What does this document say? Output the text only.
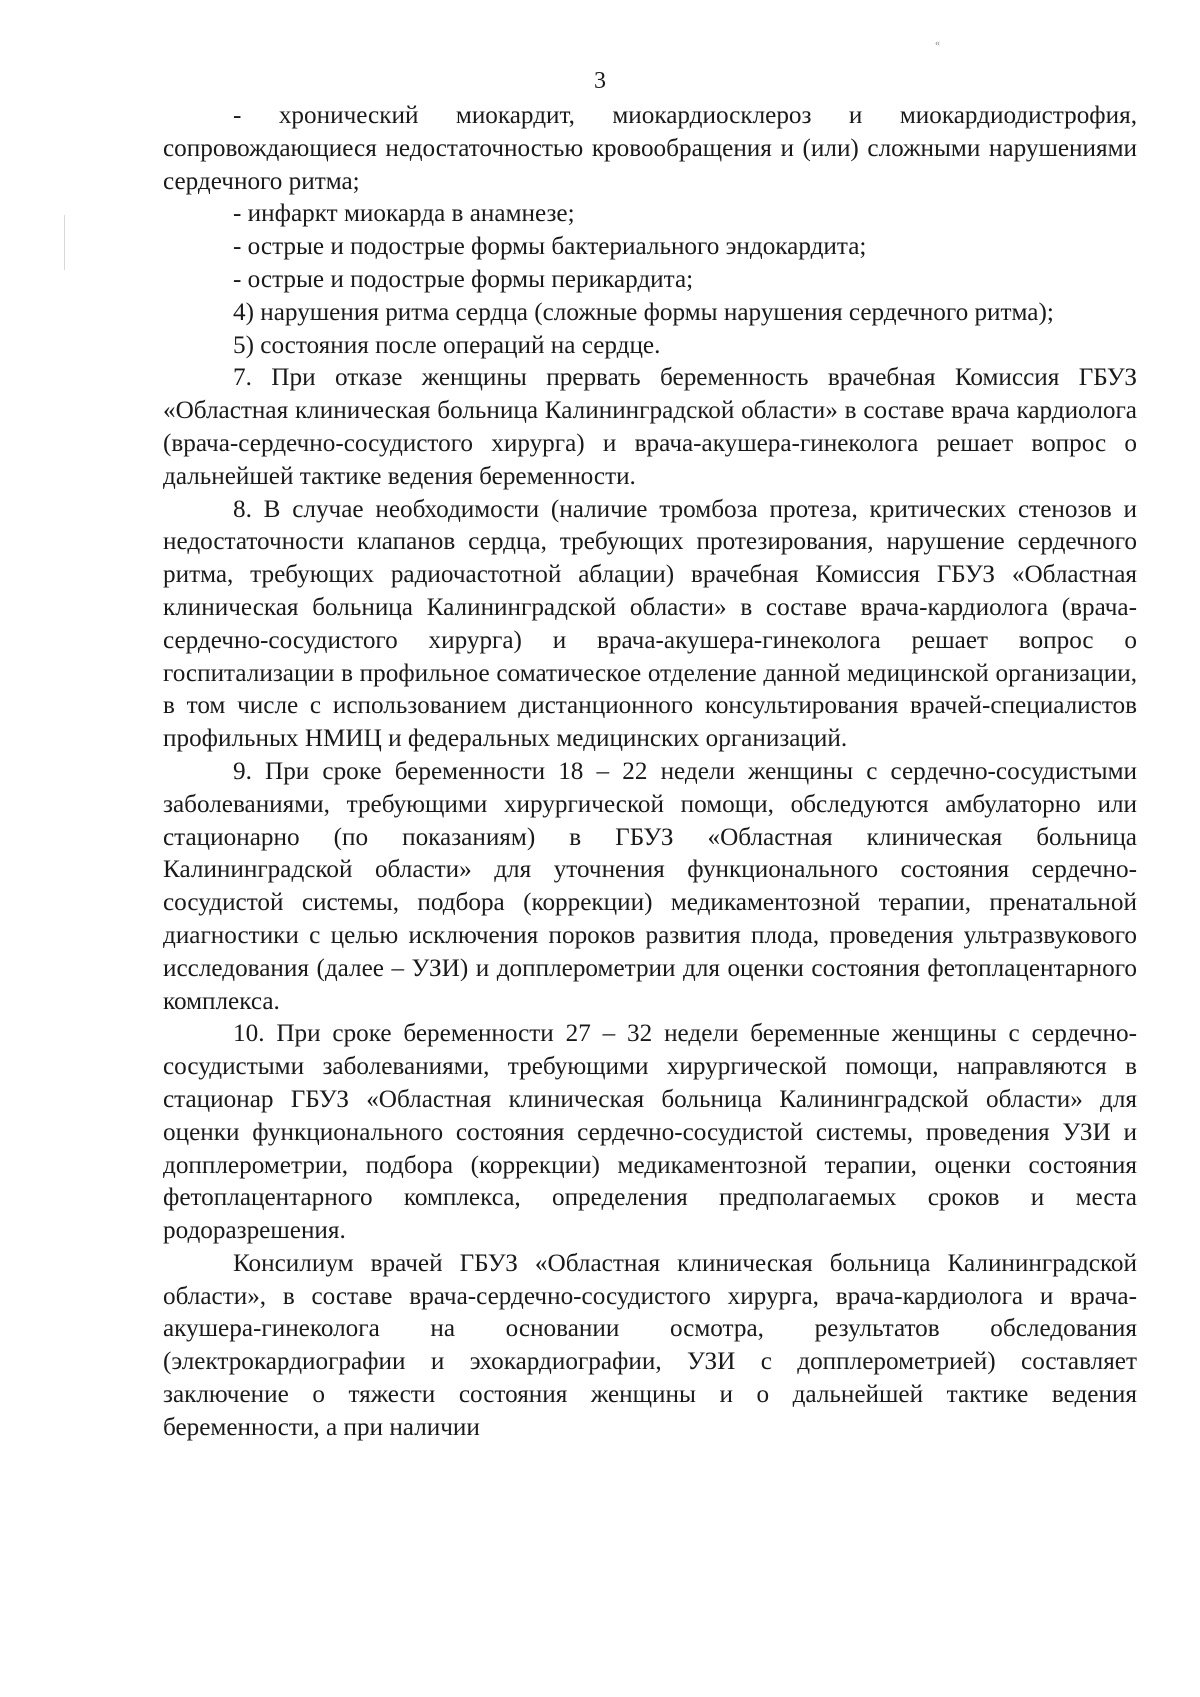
«
3

- хронический миокардит, миокардиосклероз и миокардиодистрофия, сопровождающиеся недостаточностью кровообращения и (или) сложными нарушениями сердечного ритма;

- инфаркт миокарда в анамнезе;

- острые и подострые формы бактериального эндокардита;

- острые и подострые формы перикардита;

4) нарушения ритма сердца (сложные формы нарушения сердечного ритма);

5) состояния после операций на сердце.

7. При отказе женщины прервать беременность врачебная Комиссия ГБУЗ «Областная клиническая больница Калининградской области» в составе врача кардиолога (врача-сердечно-сосудистого хирурга) и врача-акушера-гинеколога решает вопрос о дальнейшей тактике ведения беременности.

8. В случае необходимости (наличие тромбоза протеза, критических стенозов и недостаточности клапанов сердца, требующих протезирования, нарушение сердечного ритма, требующих радиочастотной аблации) врачебная Комиссия ГБУЗ «Областная клиническая больница Калининградской области» в составе врача-кардиолога (врача-сердечно-сосудистого хирурга) и врача-акушера-гинеколога решает вопрос о госпитализации в профильное соматическое отделение данной медицинской организации, в том числе с использованием дистанционного консультирования врачей-специалистов профильных НМИЦ и федеральных медицинских организаций.

9. При сроке беременности 18 – 22 недели женщины с сердечно-сосудистыми заболеваниями, требующими хирургической помощи, обследуются амбулаторно или стационарно (по показаниям) в ГБУЗ «Областная клиническая больница Калининградской области» для уточнения функционального состояния сердечно-сосудистой системы, подбора (коррекции) медикаментозной терапии, пренатальной диагностики с целью исключения пороков развития плода, проведения ультразвукового исследования (далее – УЗИ) и допплерометрии для оценки состояния фетоплацентарного комплекса.

10. При сроке беременности 27 – 32 недели беременные женщины с сердечно-сосудистыми заболеваниями, требующими хирургической помощи, направляются в стационар ГБУЗ «Областная клиническая больница Калининградской области» для оценки функционального состояния сердечно-сосудистой системы, проведения УЗИ и допплерометрии, подбора (коррекции) медикаментозной терапии, оценки состояния фетоплацентарного комплекса, определения предполагаемых сроков и места родоразрешения.

Консилиум врачей ГБУЗ «Областная клиническая больница Калининградской области», в составе врача-сердечно-сосудистого хирурга, врача-кардиолога и врача- акушера-гинеколога на основании осмотра, результатов обследования (электрокардиографии и эхокардиографии, УЗИ с допплерометрией) составляет заключение о тяжести состояния женщины и о дальнейшей тактике ведения беременности, а при наличии
